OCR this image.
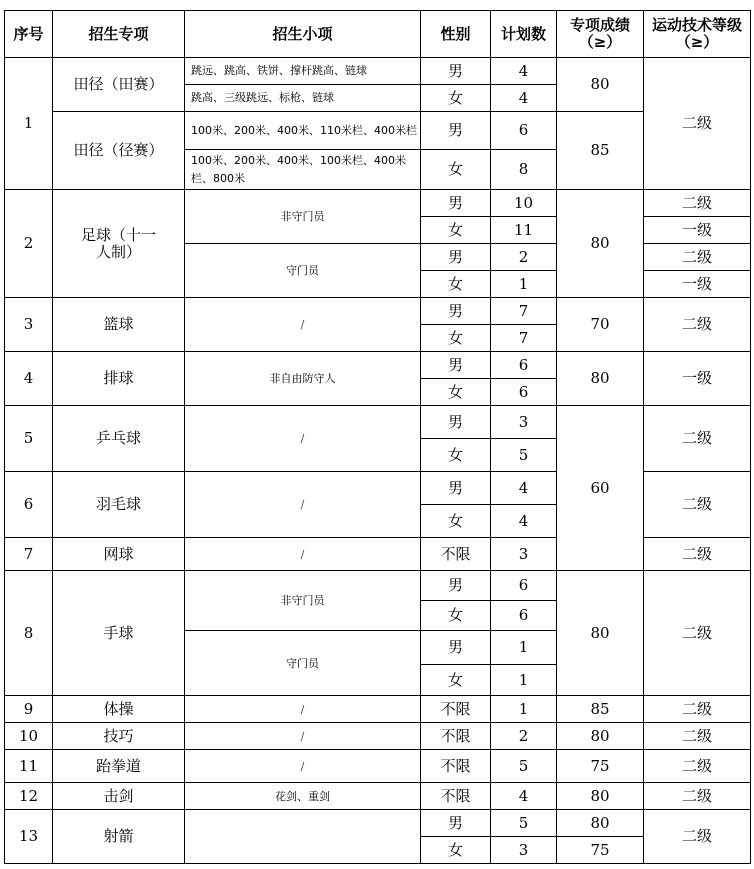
序号	招生专项	招生小项	性别	计划数	专项成绩（≥）	运动技术等级（≥）
1	田径（田赛）	跳远、跳高、铁饼、撑杆跳高、链球	男	4	80	二级
		跳高、三级跳远、标枪、链球	女	4		
	田径（径赛）	100米、200米、400米、110米栏、400米栏	男	6	85	
		100米、200米、400米、100米栏、400米栏、800米	女	8		
2	足球（十一人制）	非守门员	男	10	80	二级
			女	11		一级
		守门员	男	2		二级
			女	1		一级
3	篮球	/	男	7	70	二级
			女	7		
4	排球	非自由防守人	男	6	80	一级
			女	6		
5	乒乓球	/	男	3	60	二级
			女	5		
6	羽毛球	/	男	4		二级
			女	4		
7	网球	/	不限	3		二级
8	手球	非守门员	男	6	80	二级
			女	6		
		守门员	男	1		
			女	1		
9	体操	/	不限	1	85	二级
10	技巧	/	不限	2	80	二级
11	跆拳道	/	不限	5	75	二级
12	击剑	花剑、重剑	不限	4	80	二级
13	射箭		男	5	80	二级
			女	3	75	
